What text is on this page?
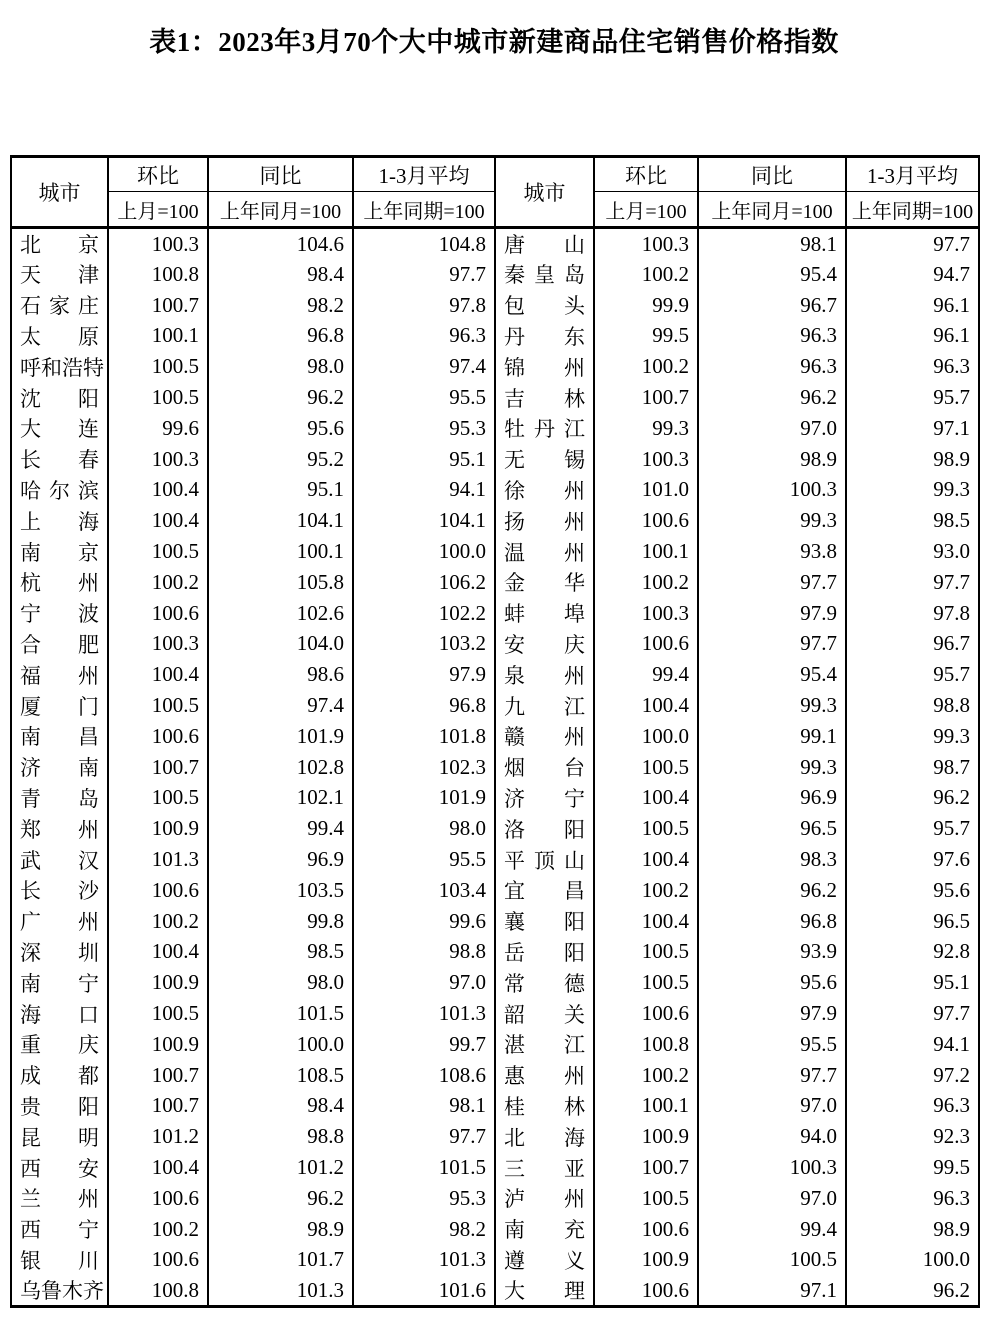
表1：2023年3月70个大中城市新建商品住宅销售价格指数
城市	环比	同比	1-3月平均	城市	环比	同比	1-3月平均
	上月=100	上年同月=100	上年同期=100		上月=100	上年同月=100	上年同期=100

北 京	100.3	104.6	104.8	唐 山	100.3	98.1	97.7

天 津	100.8	98.4	97.7	秦 皇 岛	100.2	95.4	94.7

石 家 庄	100.7	98.2	97.8	包 头	99.9	96.7	96.1

太 原	100.1	96.8	96.3	丹 东	99.5	96.3	96.1

呼 和 浩 特	100.5	98.0	97.4	锦 州	100.2	96.3	96.3

沈 阳	100.5	96.2	95.5	吉 林	100.7	96.2	95.7

大 连	99.6	95.6	95.3	牡 丹 江	99.3	97.0	97.1

长 春	100.3	95.2	95.1	无 锡	100.3	98.9	98.9

哈 尔 滨	100.4	95.1	94.1	徐 州	101.0	100.3	99.3

上 海	100.4	104.1	104.1	扬 州	100.6	99.3	98.5

南 京	100.5	100.1	100.0	温 州	100.1	93.8	93.0

杭 州	100.2	105.8	106.2	金 华	100.2	97.7	97.7

宁 波	100.6	102.6	102.2	蚌 埠	100.3	97.9	97.8

合 肥	100.3	104.0	103.2	安 庆	100.6	97.7	96.7

福 州	100.4	98.6	97.9	泉 州	99.4	95.4	95.7

厦 门	100.5	97.4	96.8	九 江	100.4	99.3	98.8

南 昌	100.6	101.9	101.8	赣 州	100.0	99.1	99.3

济 南	100.7	102.8	102.3	烟 台	100.5	99.3	98.7

青 岛	100.5	102.1	101.9	济 宁	100.4	96.9	96.2

郑 州	100.9	99.4	98.0	洛 阳	100.5	96.5	95.7

武 汉	101.3	96.9	95.5	平 顶 山	100.4	98.3	97.6

长 沙	100.6	103.5	103.4	宜 昌	100.2	96.2	95.6

广 州	100.2	99.8	99.6	襄 阳	100.4	96.8	96.5

深 圳	100.4	98.5	98.8	岳 阳	100.5	93.9	92.8

南 宁	100.9	98.0	97.0	常 德	100.5	95.6	95.1

海 口	100.5	101.5	101.3	韶 关	100.6	97.9	97.7

重 庆	100.9	100.0	99.7	湛 江	100.8	95.5	94.1

成 都	100.7	108.5	108.6	惠 州	100.2	97.7	97.2

贵 阳	100.7	98.4	98.1	桂 林	100.1	97.0	96.3

昆 明	101.2	98.8	97.7	北 海	100.9	94.0	92.3

西 安	100.4	101.2	101.5	三 亚	100.7	100.3	99.5

兰 州	100.6	96.2	95.3	泸 州	100.5	97.0	96.3

西 宁	100.2	98.9	98.2	南 充	100.6	99.4	98.9

银 川	100.6	101.7	101.3	遵 义	100.9	100.5	100.0

乌 鲁 木 齐	100.8	101.3	101.6	大 理	100.6	97.1	96.2
